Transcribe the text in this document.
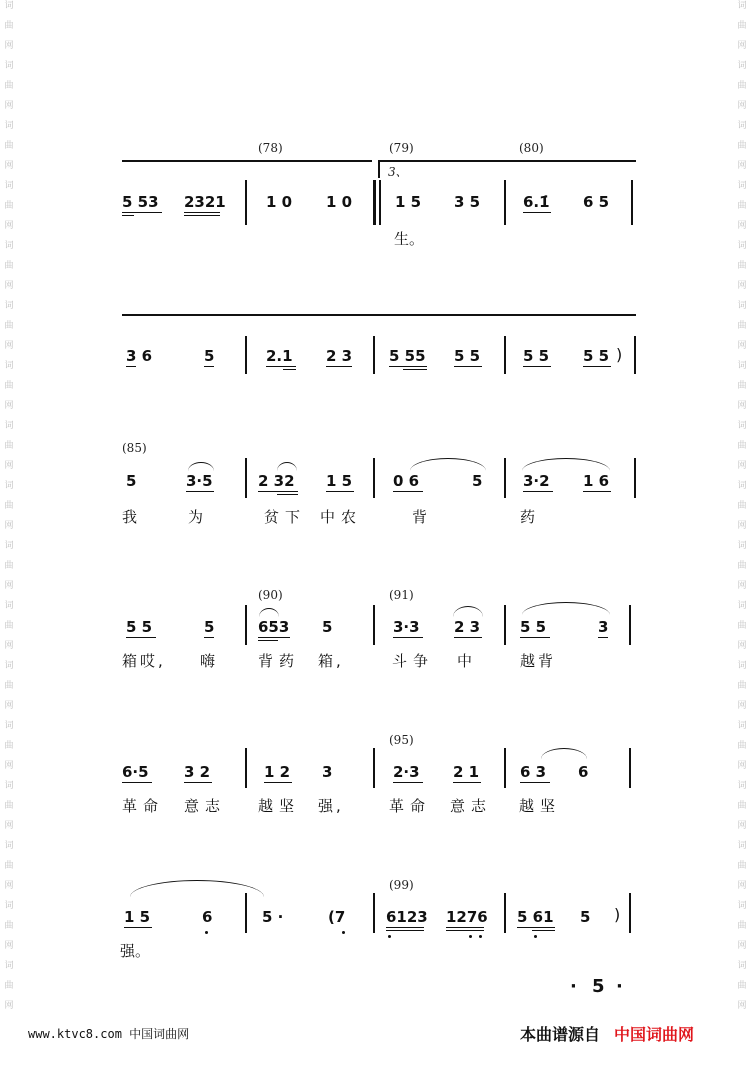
词
曲
网
词
曲
网
词
曲
网
词
曲
网
词
曲
网
词
曲
网
词
曲
网
词
曲
网
词
曲
网
词
曲
网
词
曲
网
词
曲
网
词
曲
网
词
曲
网
词
曲
网
词
曲
网
词
曲
网
词
曲
网
词
曲
网
词
曲
网
词
曲
网
词
曲
网
词
曲
网
词
曲
网
词
曲
网
词
曲
网
词
曲
网
词
曲
网
词
曲
网
词
曲
网
词
曲
网
词
曲
网
词
曲
网
词
曲
网
(78)	(79)	(80)
3、
5 53 2321	1 0 1 0	1 5 3 5	6.1̇ 6 5
生。
3 6	5	2.1 2 3 5 55 5 5	5 5 5 5 )
(85)
5	3·5	2 32 1 5	0 6	5	3·2 1 6
我	为	贫下 中农	背	药
(90)	(91)
5 5	5	653 5	3·3 2 3	5 5	3
箱哎, 嗨	背药 箱,	斗争 中	越背
(95)
6·5 3 2	1 2 3	2·3 2 1	6 3 6
革命 意志 越坚 强,	革命 意志 越坚
(99)
1 5	6	5 ·	(7	6123 1276 5 61 5 )
强。
· 5 ·
www.ktvc8.com 中国词曲网	本曲谱源自 中国词曲网
